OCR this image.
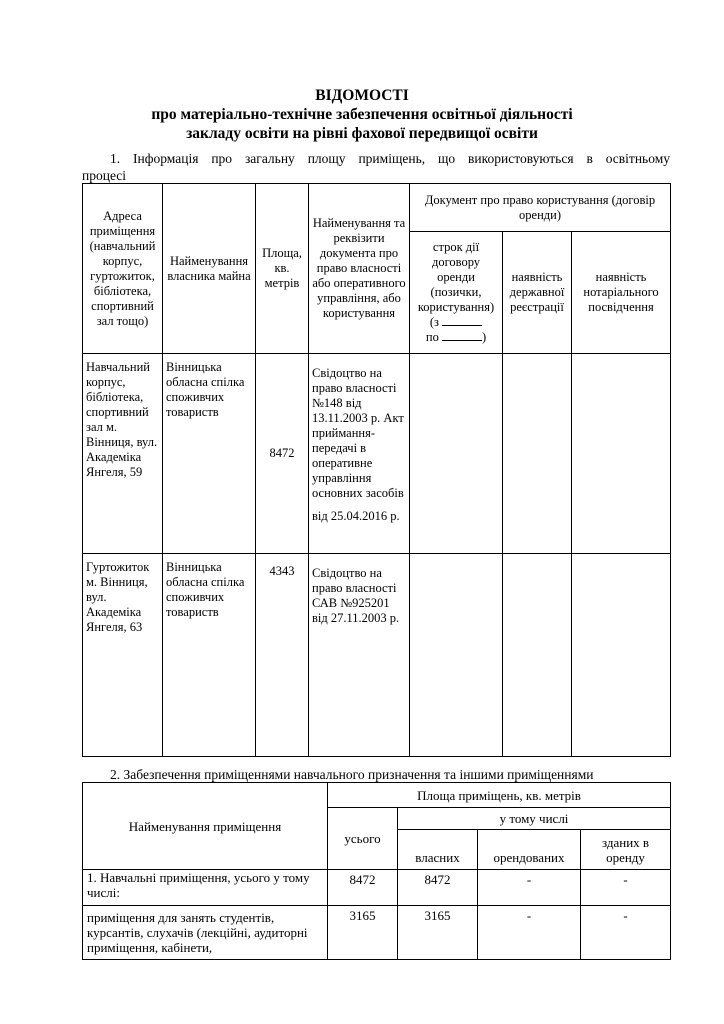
ВІДОМОСТІ
про матеріально-технічне забезпечення освітньої діяльності
закладу освіти на рівні фахової передвищої освіти
1. Інформація про загальну площу приміщень, що використовуються в освітньому
процесі
Адреса приміщення (навчальний корпус, гуртожиток, бібліотека, спортивний зал тощо)	Найменування власника майна	Площа, кв. метрів	Найменування та реквізити документа про право власності або оперативного управління, або користування	Документ про право користування (договір оренди)		

				строк дії договору оренди (позички, користування)
(з
по )	наявність державної реєстрації	наявність нотаріального посвідчення
Навчальний корпус, бібліотека, спортивний зал м. Вінниця, вул. Академіка Янгеля, 59	Вінницька обласна спілка споживчих товариств	8472	Свідоцтво на право власності №148 від 13.11.2003 р. Акт приймання-передачі в оперативне управління основних засобів
від 25.04.2016 р.			

Гуртожиток м. Вінниця, вул. Академіка Янгеля, 63	Вінницька обласна спілка споживчих товариств	4343	Свідоцтво на право власності САВ №925201 від 27.11.2003 р.			
2. Забезпечення приміщеннями навчального призначення та іншими приміщеннями
Найменування приміщення	Площа приміщень, кв. метрів			
	усього	у тому числі		
		власних	орендованих	зданих в оренду
1. Навчальні приміщення, усього у тому числі:	8472	8472	-	-
приміщення для занять студентів, курсантів, слухачів (лекційні, аудиторні приміщення, кабінети,	3165	3165	-	-
